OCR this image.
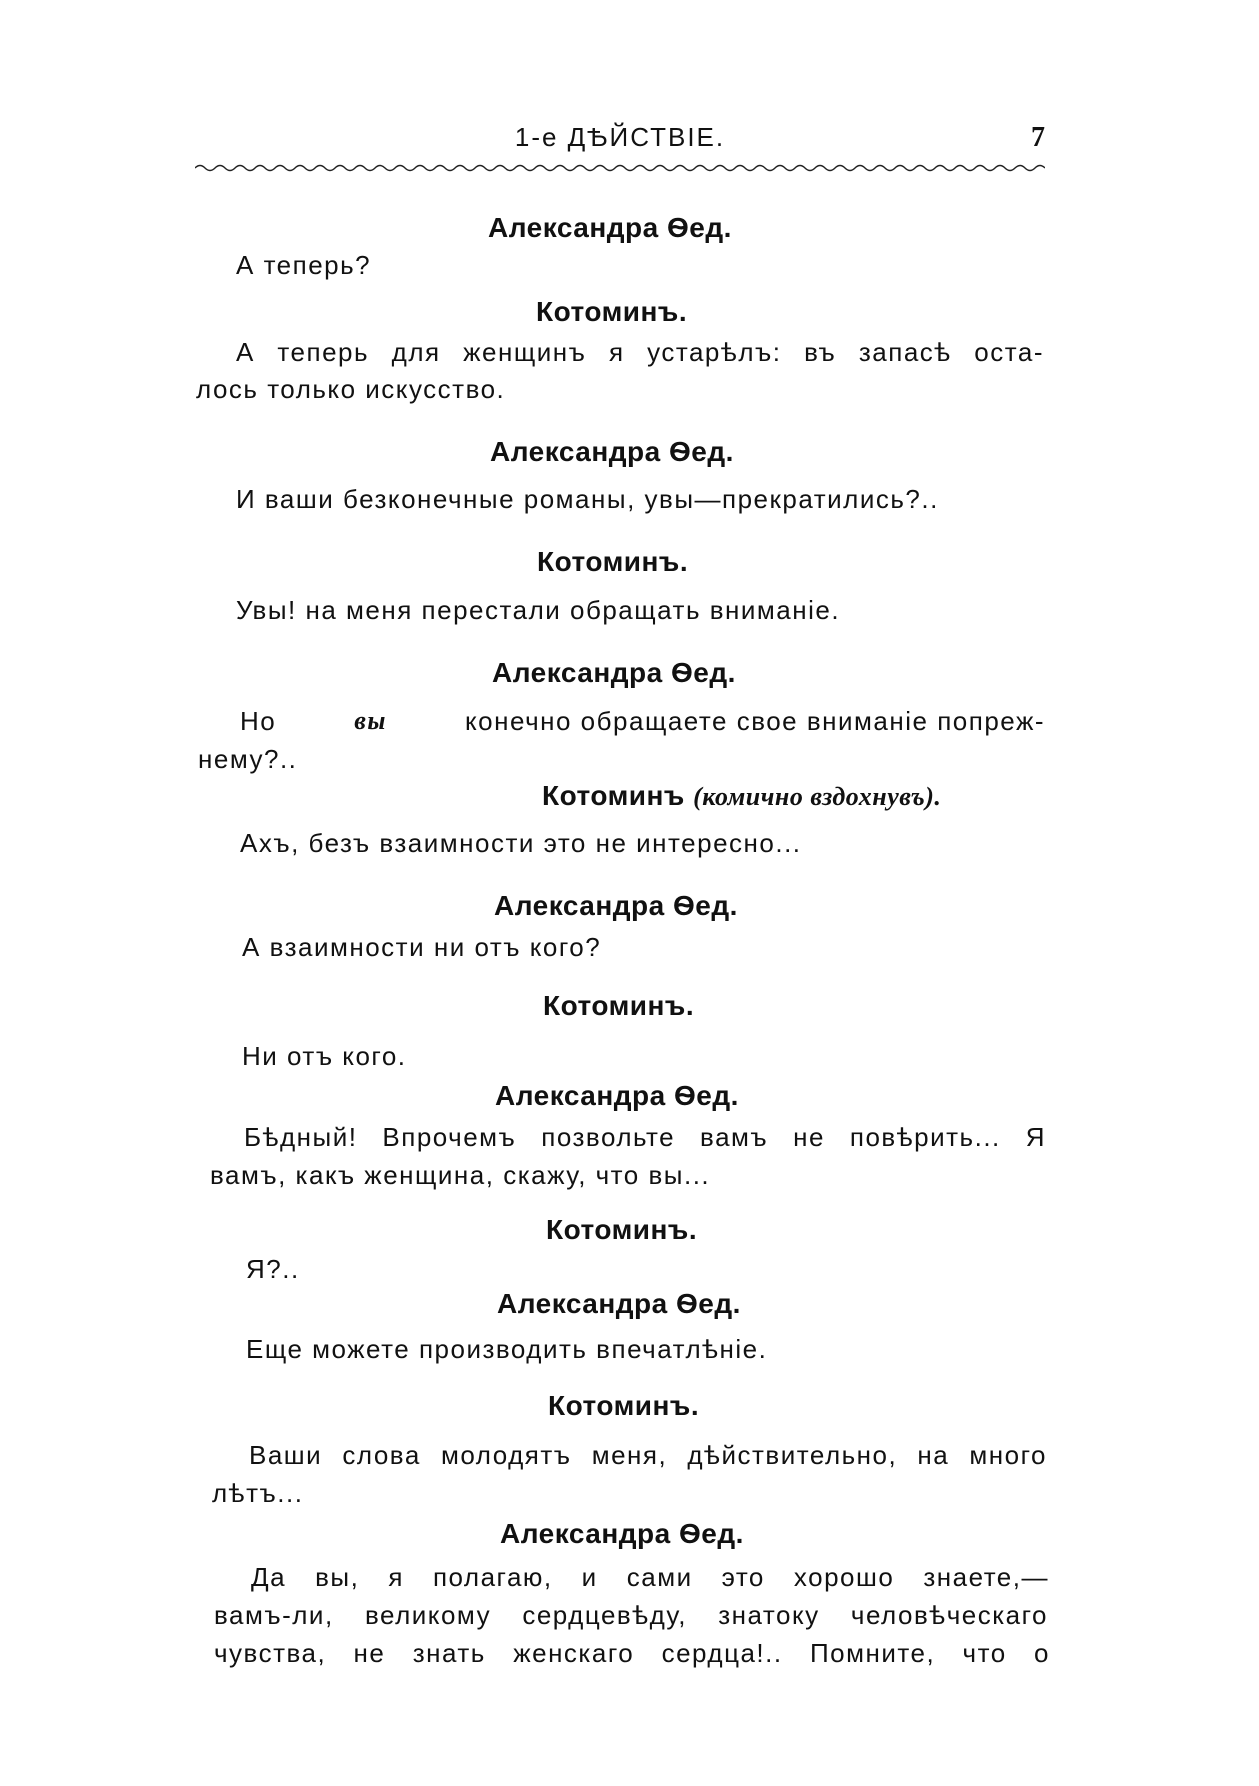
1-е ДѢЙСТВІЕ.	7
Александра Ѳед.
А теперь?
Котоминъ.
А теперь для женщинъ я устарѣлъ: въ запасѣ оста-
лось только искусство.
Александра Ѳед.
И ваши безконечные романы, увы—прекратились?..
Котоминъ.
Увы! на меня перестали обращать вниманіе.
Александра Ѳед.
Но	вы	конечно обращаете свое вниманіе попреж-
нему?..
Котоминъ (комично вздохнувъ).
Ахъ, безъ взаимности это не интересно...
Александра Ѳед.
А взаимности ни отъ кого?
Котоминъ.
Ни отъ кого.
Александра Ѳед.
Бѣдный! Впрочемъ позвольте вамъ не повѣрить... Я
вамъ, какъ женщина, скажу, что вы...
Котоминъ.
Я?..
Александра Ѳед.
Еще можете производить впечатлѣніе.
Котоминъ.
Ваши слова молодятъ меня, дѣйствительно, на много
лѣтъ...
Александра Ѳед.
Да вы, я полагаю, и сами это хорошо знаете,—
вамъ-ли, великому сердцевѣду, знатоку человѣческаго
чувства, не знать женскаго сердца!.. Помните, что о
